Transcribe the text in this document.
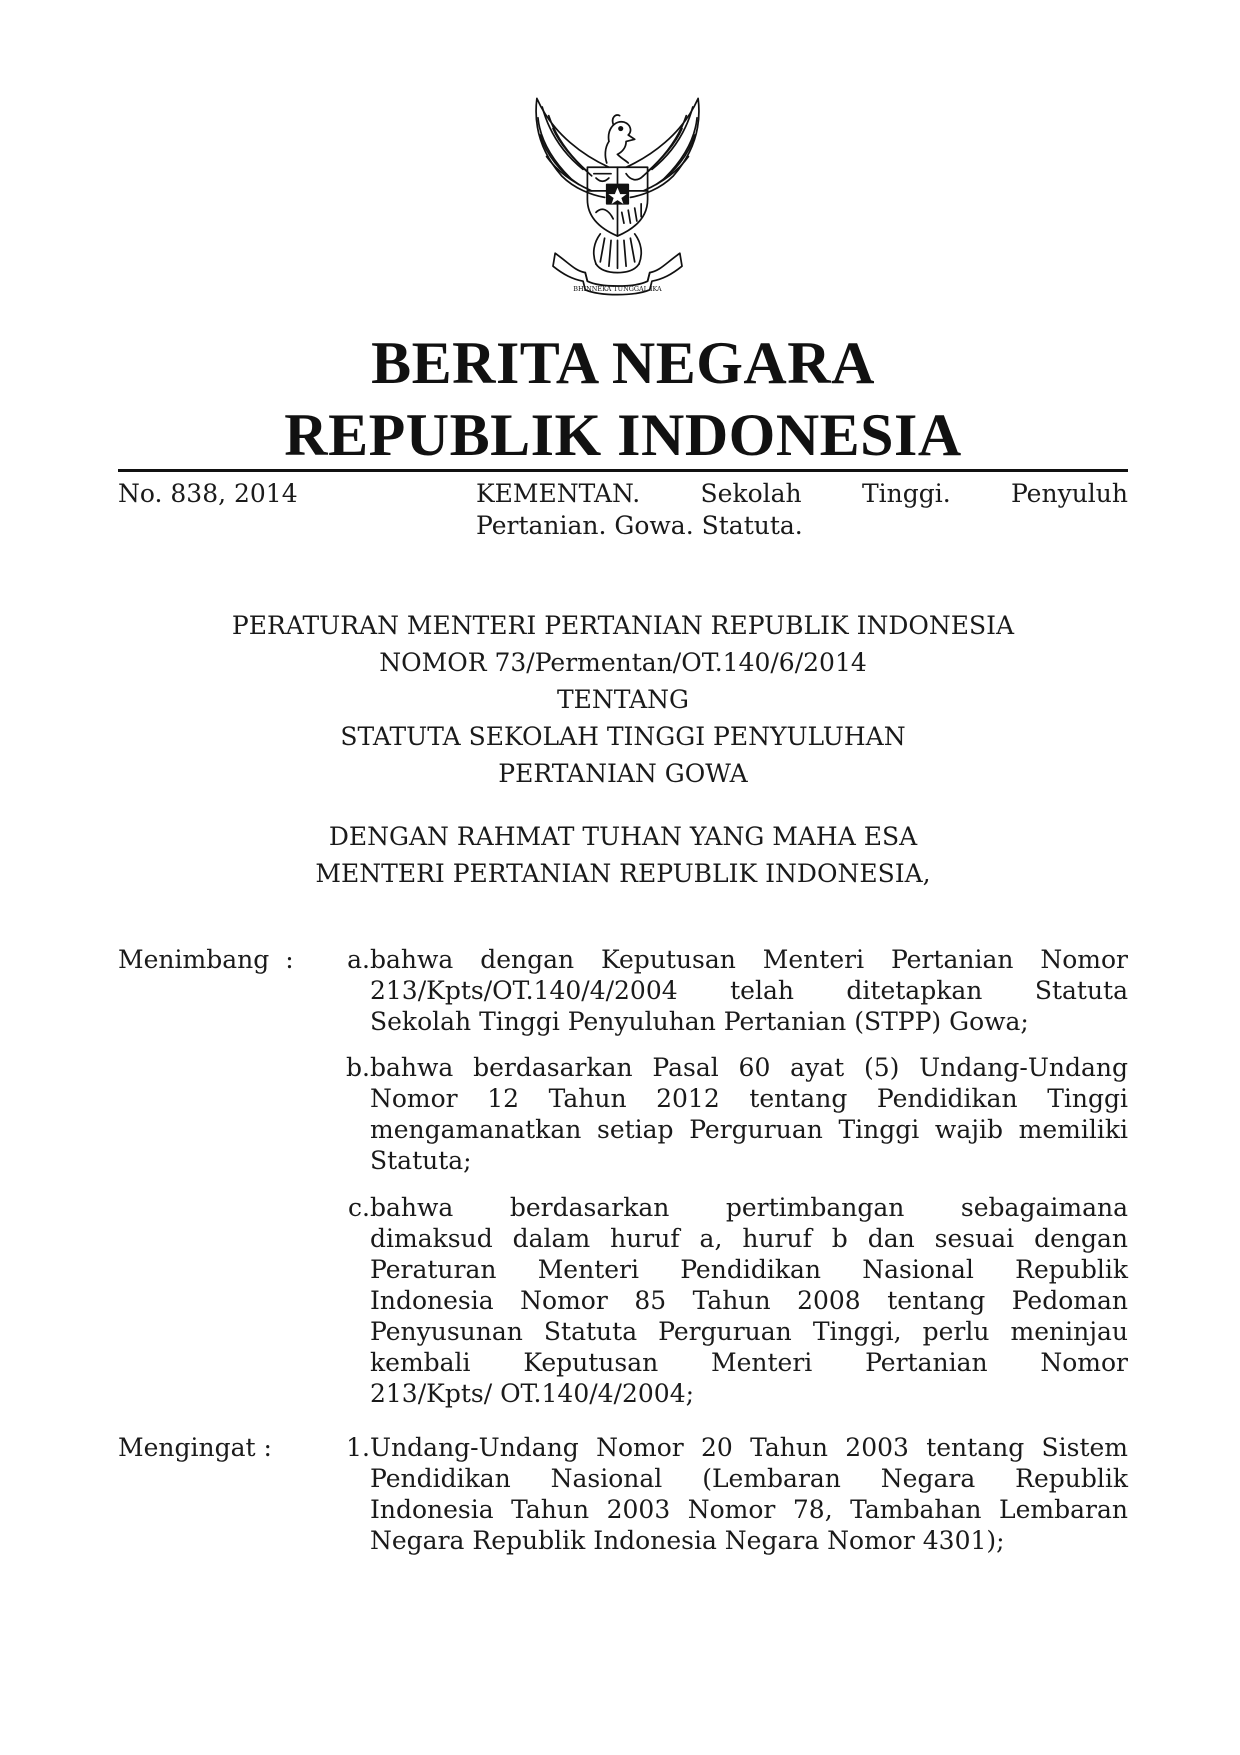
BHINNEKA TUNGGAL IKA
BERITA NEGARA
REPUBLIK INDONESIA
No. 838, 2014	KEMENTAN. Sekolah Tinggi. Penyuluh
Pertanian. Gowa. Statuta.
PERATURAN MENTERI PERTANIAN REPUBLIK INDONESIA
NOMOR 73/Permentan/OT.140/6/2014
TENTANG
STATUTA SEKOLAH TINGGI PENYULUHAN
PERTANIAN GOWA
DENGAN RAHMAT TUHAN YANG MAHA ESA
MENTERI PERTANIAN REPUBLIK INDONESIA,
Menimbang :	a. bahwa dengan Keputusan Menteri Pertanian Nomor
213/Kpts/OT.140/4/2004 telah ditetapkan Statuta
Sekolah Tinggi Penyuluhan Pertanian (STPP) Gowa;
b. bahwa berdasarkan Pasal 60 ayat (5) Undang-Undang
Nomor 12 Tahun 2012 tentang Pendidikan Tinggi
mengamanatkan setiap Perguruan Tinggi wajib memiliki
Statuta;
c. bahwa berdasarkan pertimbangan sebagaimana
dimaksud dalam huruf a, huruf b dan sesuai dengan
Peraturan Menteri Pendidikan Nasional Republik
Indonesia Nomor 85 Tahun 2008 tentang Pedoman
Penyusunan Statuta Perguruan Tinggi, perlu meninjau
kembali Keputusan Menteri Pertanian Nomor
213/Kpts/ OT.140/4/2004;
Mengingat :	1. Undang-Undang Nomor 20 Tahun 2003 tentang Sistem
Pendidikan Nasional (Lembaran Negara Republik
Indonesia Tahun 2003 Nomor 78, Tambahan Lembaran
Negara Republik Indonesia Negara Nomor 4301);
